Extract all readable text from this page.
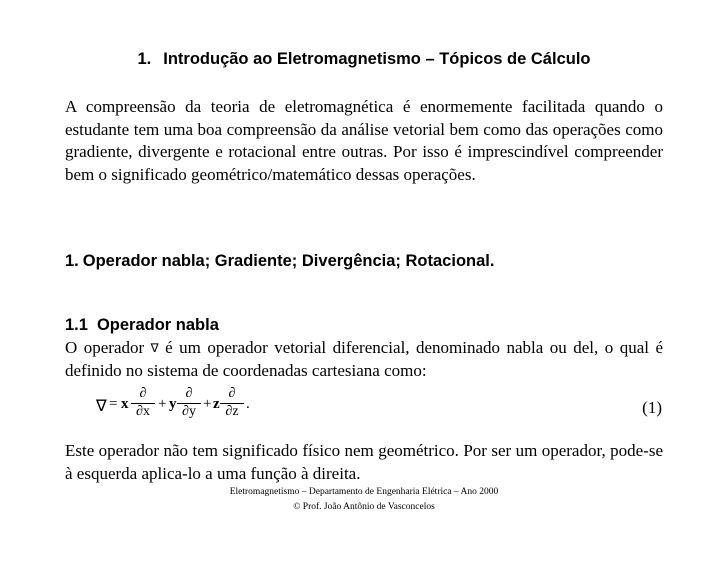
1. Introdução ao Eletromagnetismo – Tópicos de Cálculo

A compreensão da teoria de eletromagnética é enormemente facilitada quando o estudante tem uma boa compreensão da análise vetorial bem como das operações como gradiente, divergente e rotacional entre outras. Por isso é imprescindível compreender bem o significado geométrico/matemático dessas operações.

1. Operador nabla; Gradiente; Divergência; Rotacional.
1.1 Operador nabla

O operador ∇ é um operador vetorial diferencial, denominado nabla ou del, o qual é definido no sistema de coordenadas cartesiana como:

∇ = x
∂
∂x + y
∂
∂y + z
∂
∂z .	(1)

Este operador não tem significado físico nem geométrico. Por ser um operador, pode-se à esquerda aplica-lo a uma função à direita.

Eletromagnetismo – Departamento de Engenharia Elétrica – Ano 2000
© Prof. João Antônio de Vasconcelos
